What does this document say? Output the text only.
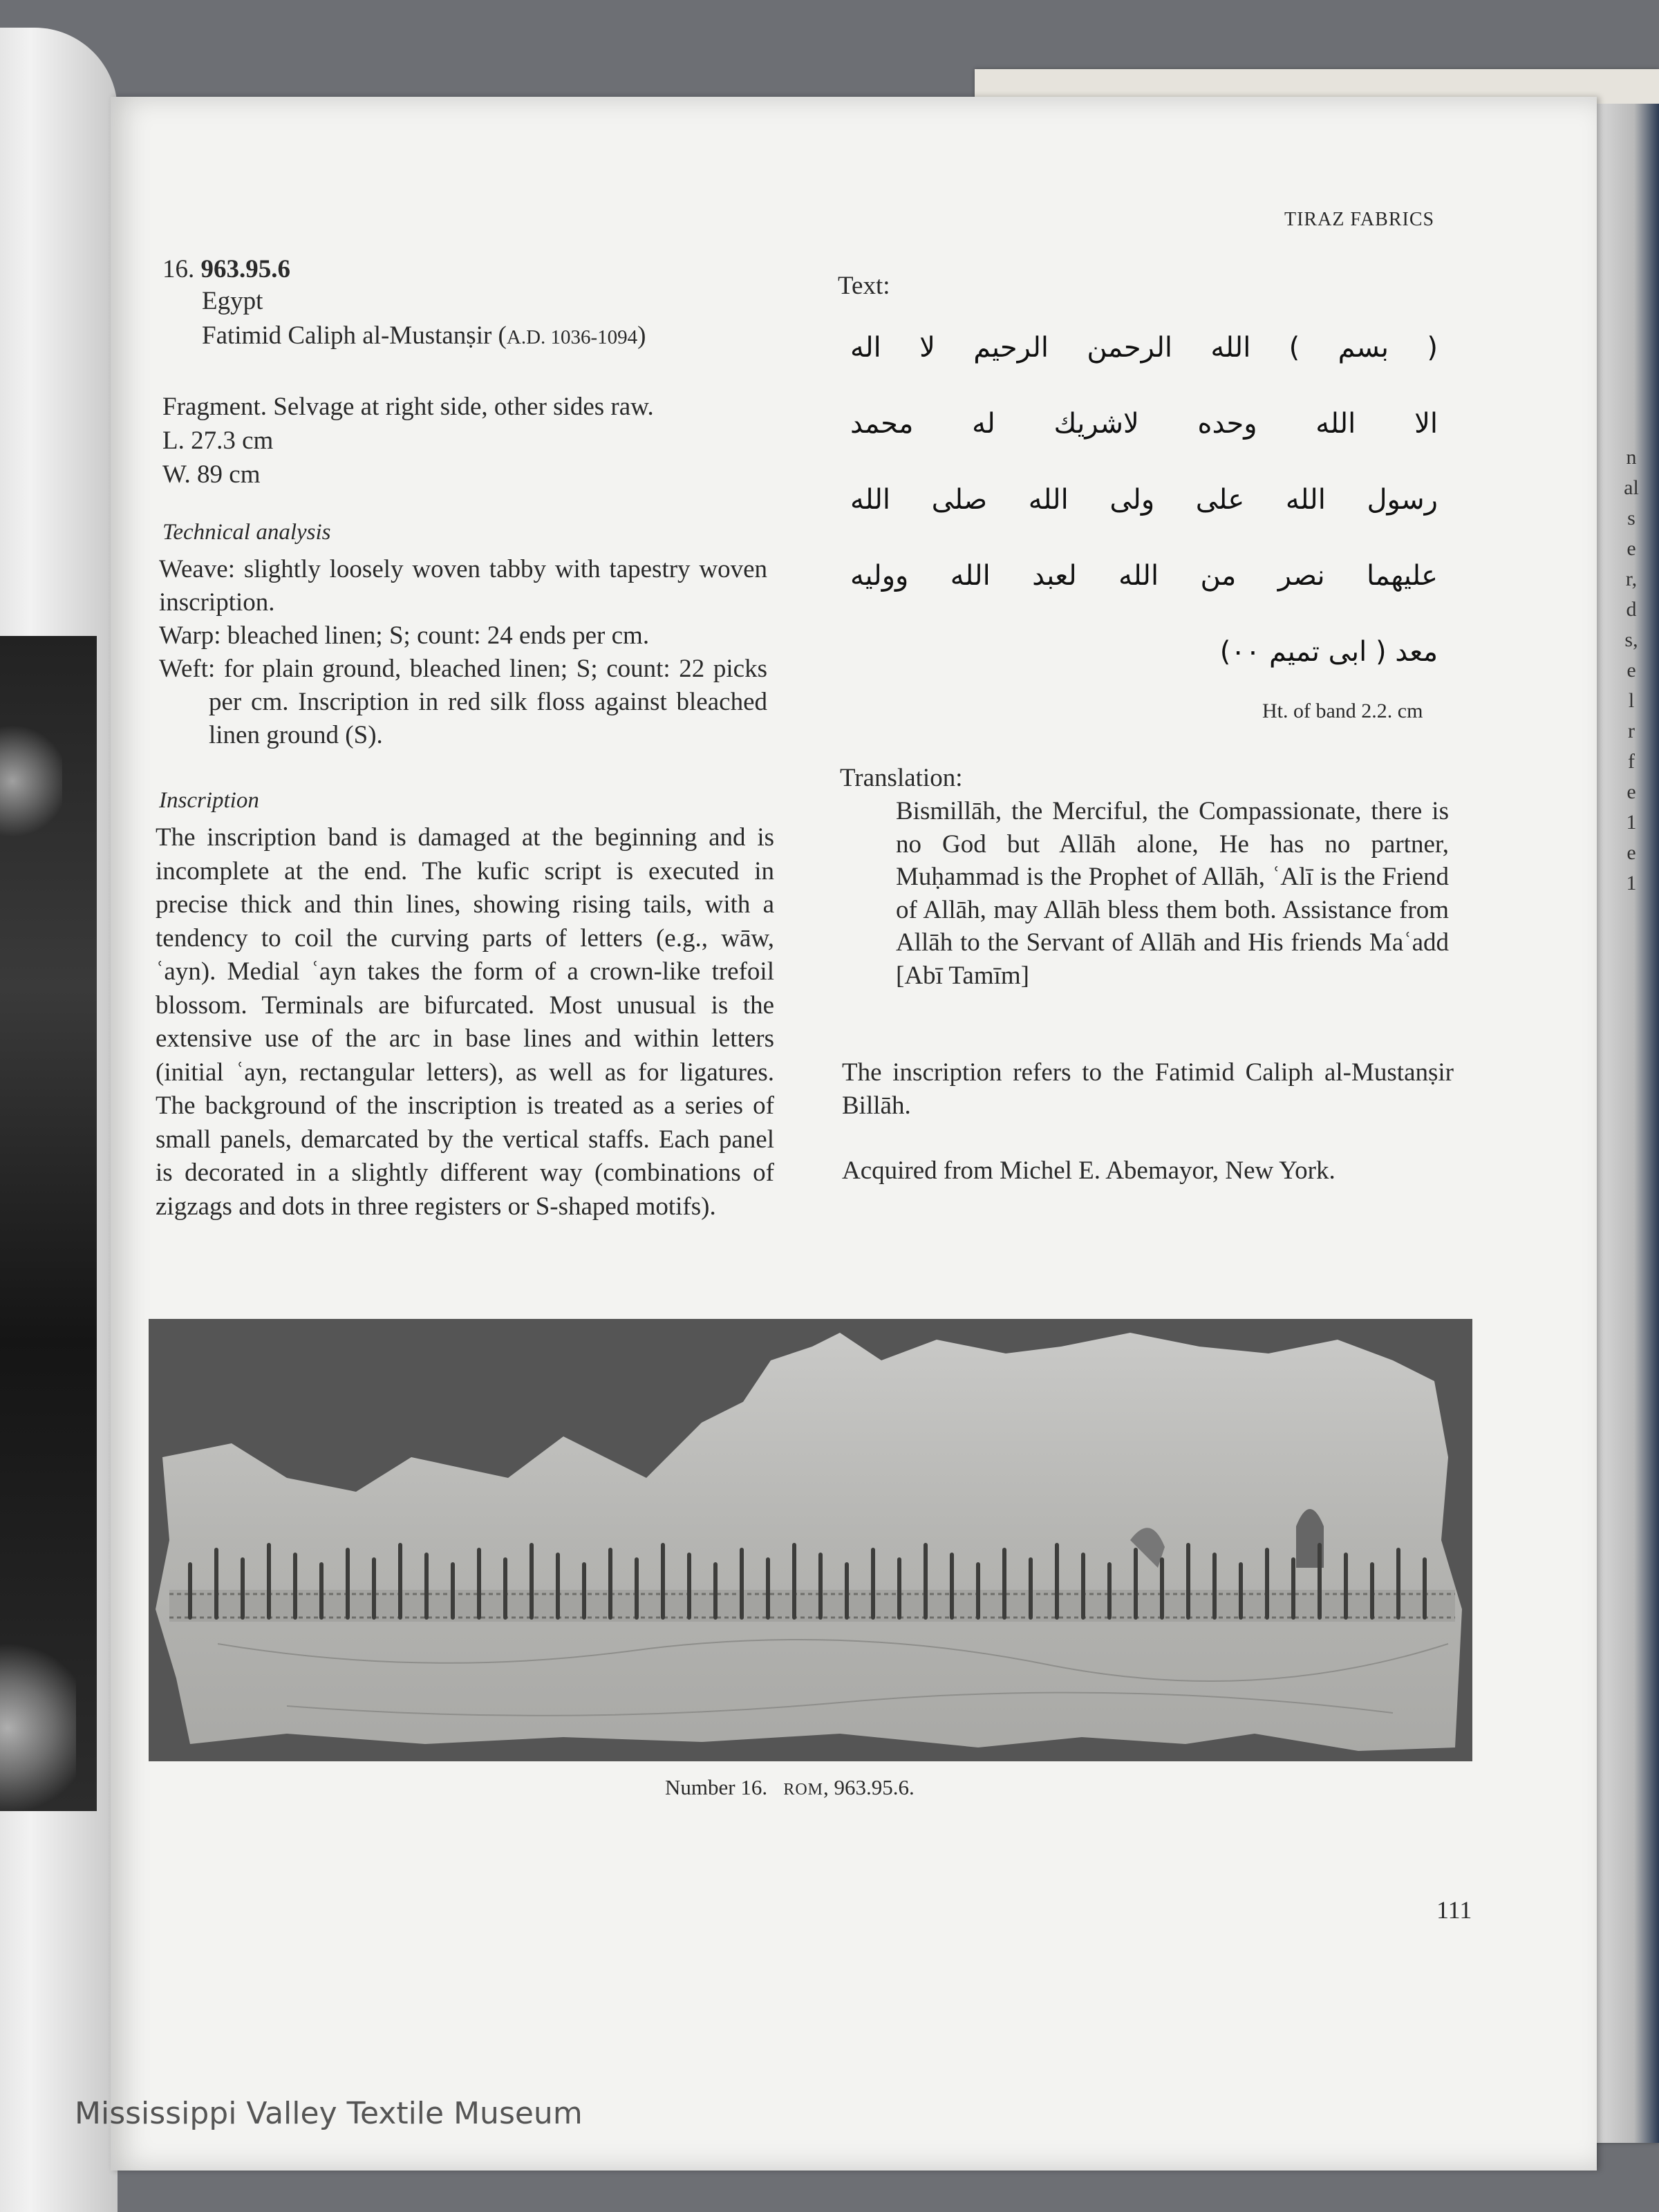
n
al
s
e
r,
d
s,
e
l
r
f
e
1
e
1
TIRAZ FABRICS
16. 963.95.6
Egypt
Fatimid Caliph al-Mustanṣir (A.D. 1036-1094)
Fragment. Selvage at right side, other sides raw.
L. 27.3 cm
W. 89 cm
Technical analysis

Weave: slightly loosely woven tabby with tapestry woven inscription.

Warp: bleached linen; S; count: 24 ends per cm.

Weft: for plain ground, bleached linen; S; count: 22 picks per cm. Inscription in red silk floss against bleached linen ground (S).

Inscription
The inscription band is damaged at the beginning and is incomplete at the end. The kufic script is executed in precise thick and thin lines, showing rising tails, with a tendency to coil the curving parts of letters (e.g., wāw, ʿayn). Medial ʿayn takes the form of a crown-like trefoil blossom. Terminals are bifurcated. Most unusual is the extensive use of the arc in base lines and within letters (initial ʿayn, rectangular letters), as well as for ligatures. The background of the inscription is treated as a series of small panels, demarcated by the vertical staffs. Each panel is decorated in a slightly different way (combinations of zigzags and dots in three registers or S-shaped motifs).
Text:
( بسم ) الله الرحمن الرحيم لا اله
الا الله وحده لاشريك له محمد
رسول الله على ولى الله صلى الله
عليهما نصر من الله لعبد الله ووليه
معد ( ابى تميم ٠٠)
Ht. of band 2.2. cm
Translation:
Bismillāh, the Merciful, the Compassionate, there is no God but Allāh alone, He has no partner, Muḥammad is the Prophet of Allāh, ʿAlī is the Friend of Allāh, may Allāh bless them both. Assistance from Allāh to the Servant of Allāh and His friends Maʿadd [Abī Tamīm]
The inscription refers to the Fatimid Caliph al-Mustanṣir Billāh.
Acquired from Michel E. Abemayor, New York.
Number 16. ROM, 963.95.6.
111
Mississippi Valley Textile Museum
